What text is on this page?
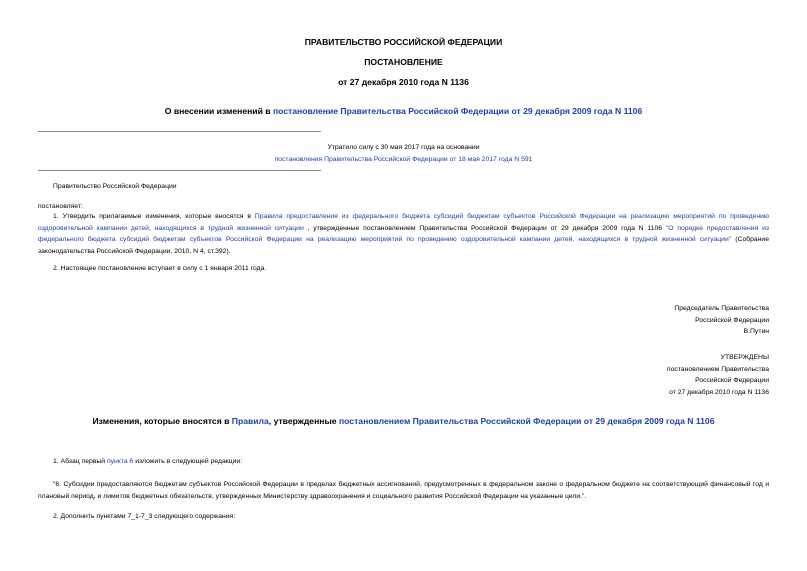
ПРАВИТЕЛЬСТВО РОССИЙСКОЙ ФЕДЕРАЦИИ
ПОСТАНОВЛЕНИЕ
от 27 декабря 2010 года N 1136
О внесении изменений в постановление Правительства Российской Федерации от 29 декабря 2009 года N 1106
Утратило силу с 30 мая 2017 года на основании
постановления Правительства Российской Федерации от 18 мая 2017 года N 591
Правительство Российской Федерации
постановляет:
1. Утвердить прилагаемые изменения, которые вносятся в Правила предоставления из федерального бюджета субсидий бюджетам субъектов Российской Федерации на реализацию мероприятий по проведению оздоровительной кампании детей, находящихся в трудной жизненной ситуации , утвержденные постановлением Правительства Российской Федерации от 29 декабря 2009 года N 1106 "О порядке предоставления из федерального бюджета субсидий бюджетам субъектов Российской Федерации на реализацию мероприятий по проведению оздоровительной кампании детей, находящихся в трудной жизненной ситуации" (Собрание законодательства Российской Федерации, 2010, N 4, ст.392).
2. Настоящее постановление вступает в силу с 1 января 2011 года.
Председатель Правительства
Российской Федерации
В.Путин
УТВЕРЖДЕНЫ
постановлением Правительства
Российской Федерации
от 27 декабря 2010 года N 1136
Изменения, которые вносятся в Правила, утвержденные постановлением Правительства Российской Федерации от 29 декабря 2009 года N 1106
1. Абзац первый пункта 6 изложить в следующей редакции:
"6. Субсидии предоставляются бюджетам субъектов Российской Федерации в пределах бюджетных ассигнований, предусмотренных в федеральном законе о федеральном бюджете на соответствующий финансовый год и плановый период, и лимитов бюджетных обязательств, утвержденных Министерству здравоохранения и социального развития Российской Федерации на указанные цели.".
2. Дополнить пунктами 7_1-7_3 следующего содержания:
